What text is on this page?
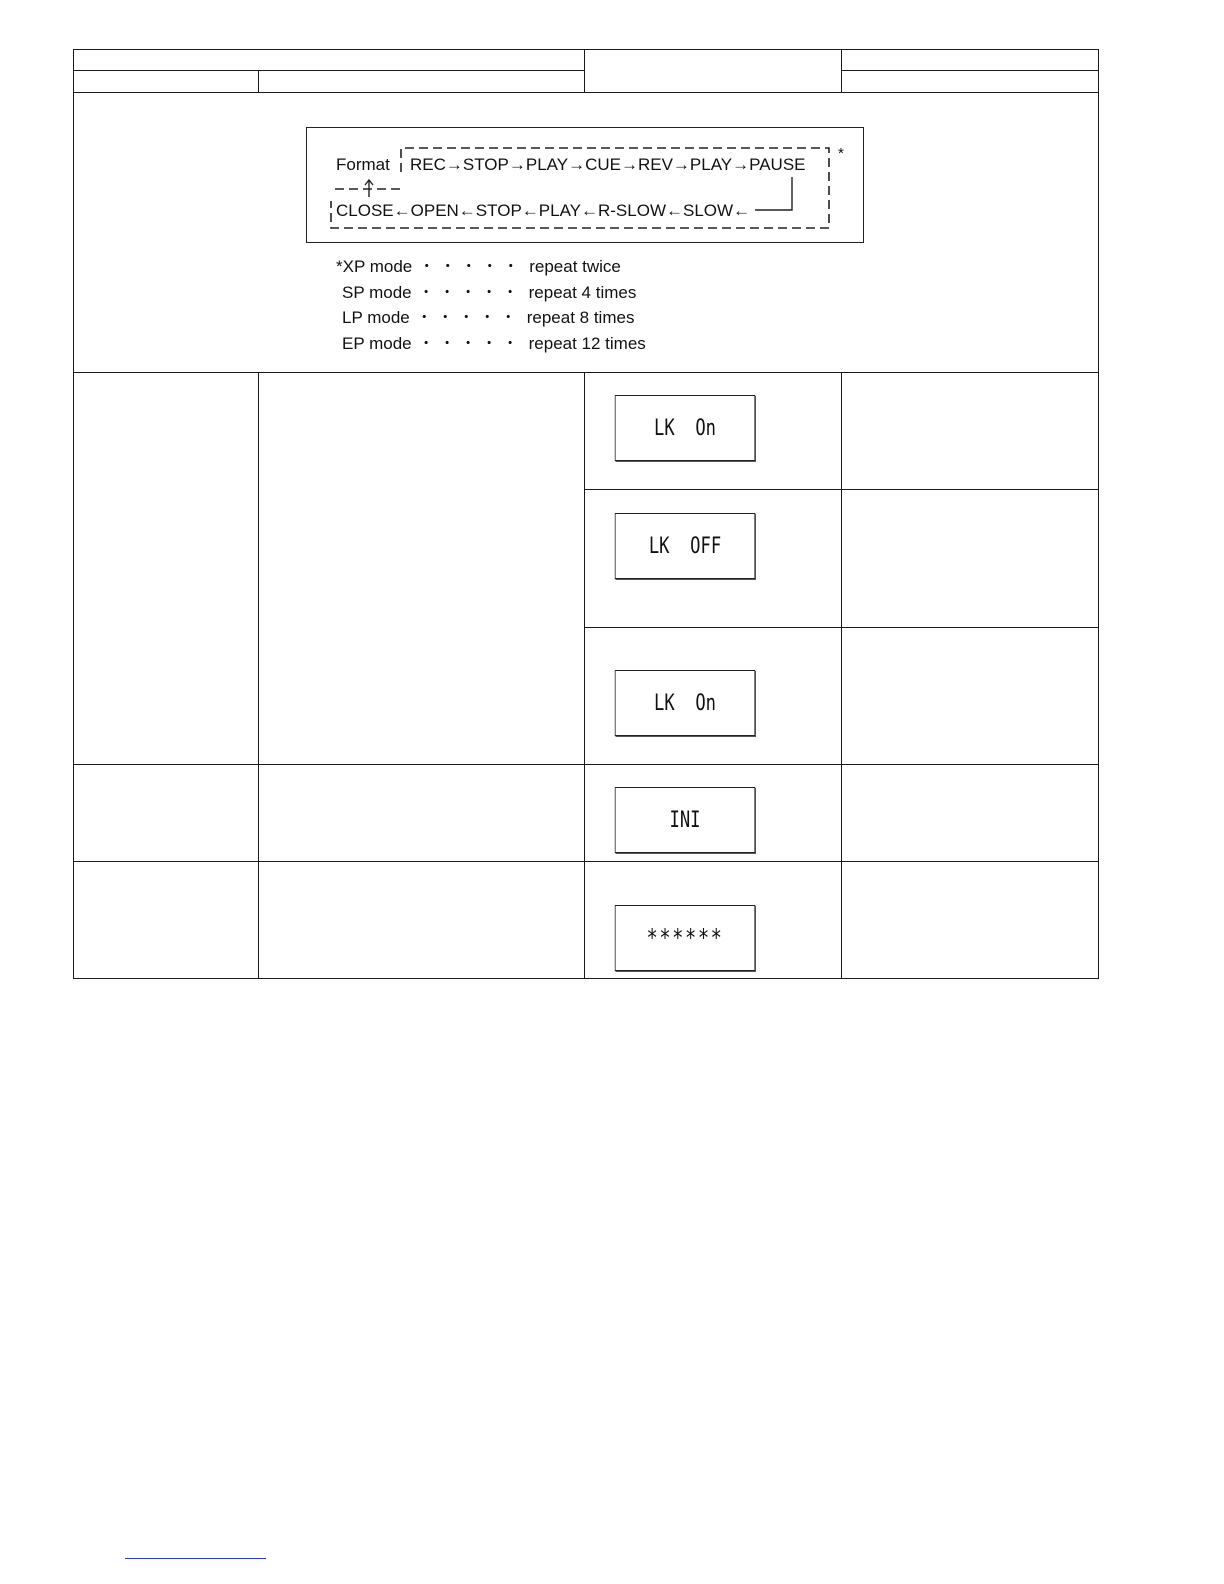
Format REC→STOP→PLAY→CUE→REV→PLAY→PAUSE
CLOSE←OPEN←STOP←PLAY←R-SLOW←SLOW←
*
*XP mode ・・・・・ repeat twice
SP mode ・・・・・ repeat 4 times
LP mode ・・・・・ repeat 8 times
EP mode ・・・・・ repeat 12 times
LK  On
LK  OFF
LK  On
INI
******
